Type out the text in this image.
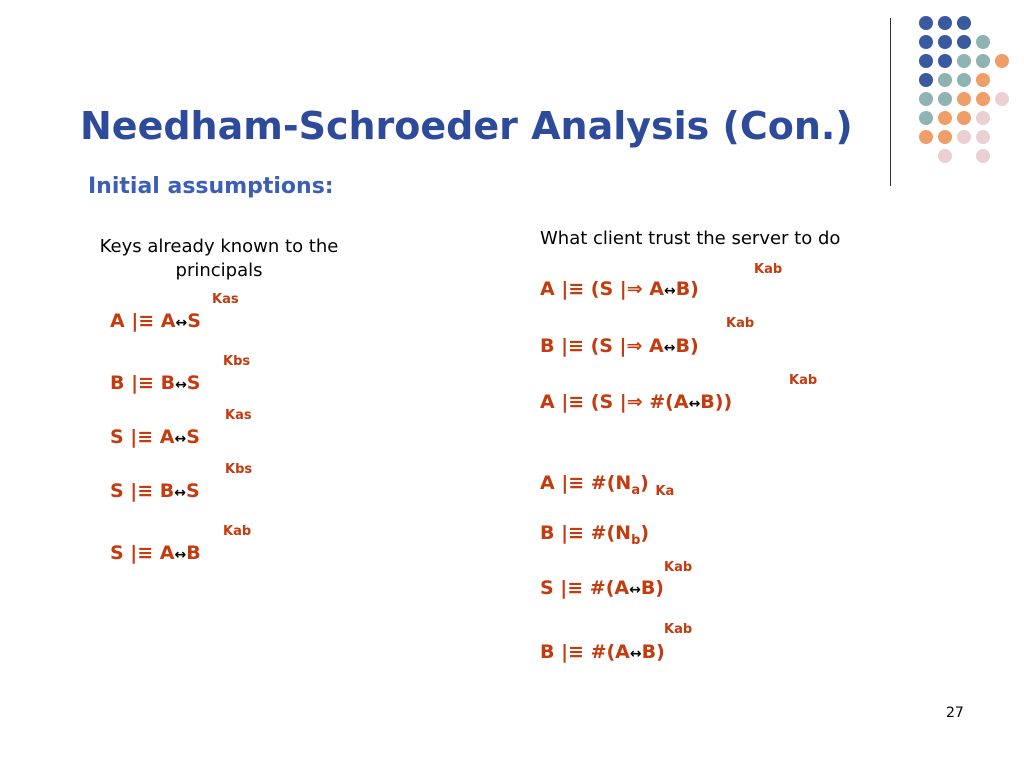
Needham-Schroeder Analysis (Con.)
Initial assumptions:
Keys already known to the principals
What client trust the server to do
Kas
A |≡ A↔S
Kbs
B |≡ B↔S
Kas
S |≡ A↔S
Kbs
S |≡ B↔S
Kab
S |≡ A↔B
Kab
A |≡ (S |⇒ A↔B)
Kab
B |≡ (S |⇒ A↔B)
Kab
A |≡ (S |⇒ #(A↔B))
A |≡ $\#(N_a)$ $_{Ka}$
B |≡ $\#(N_b)$
Kab
S |≡ #(A↔B)
Kab
B |≡ #(A↔B)
27
